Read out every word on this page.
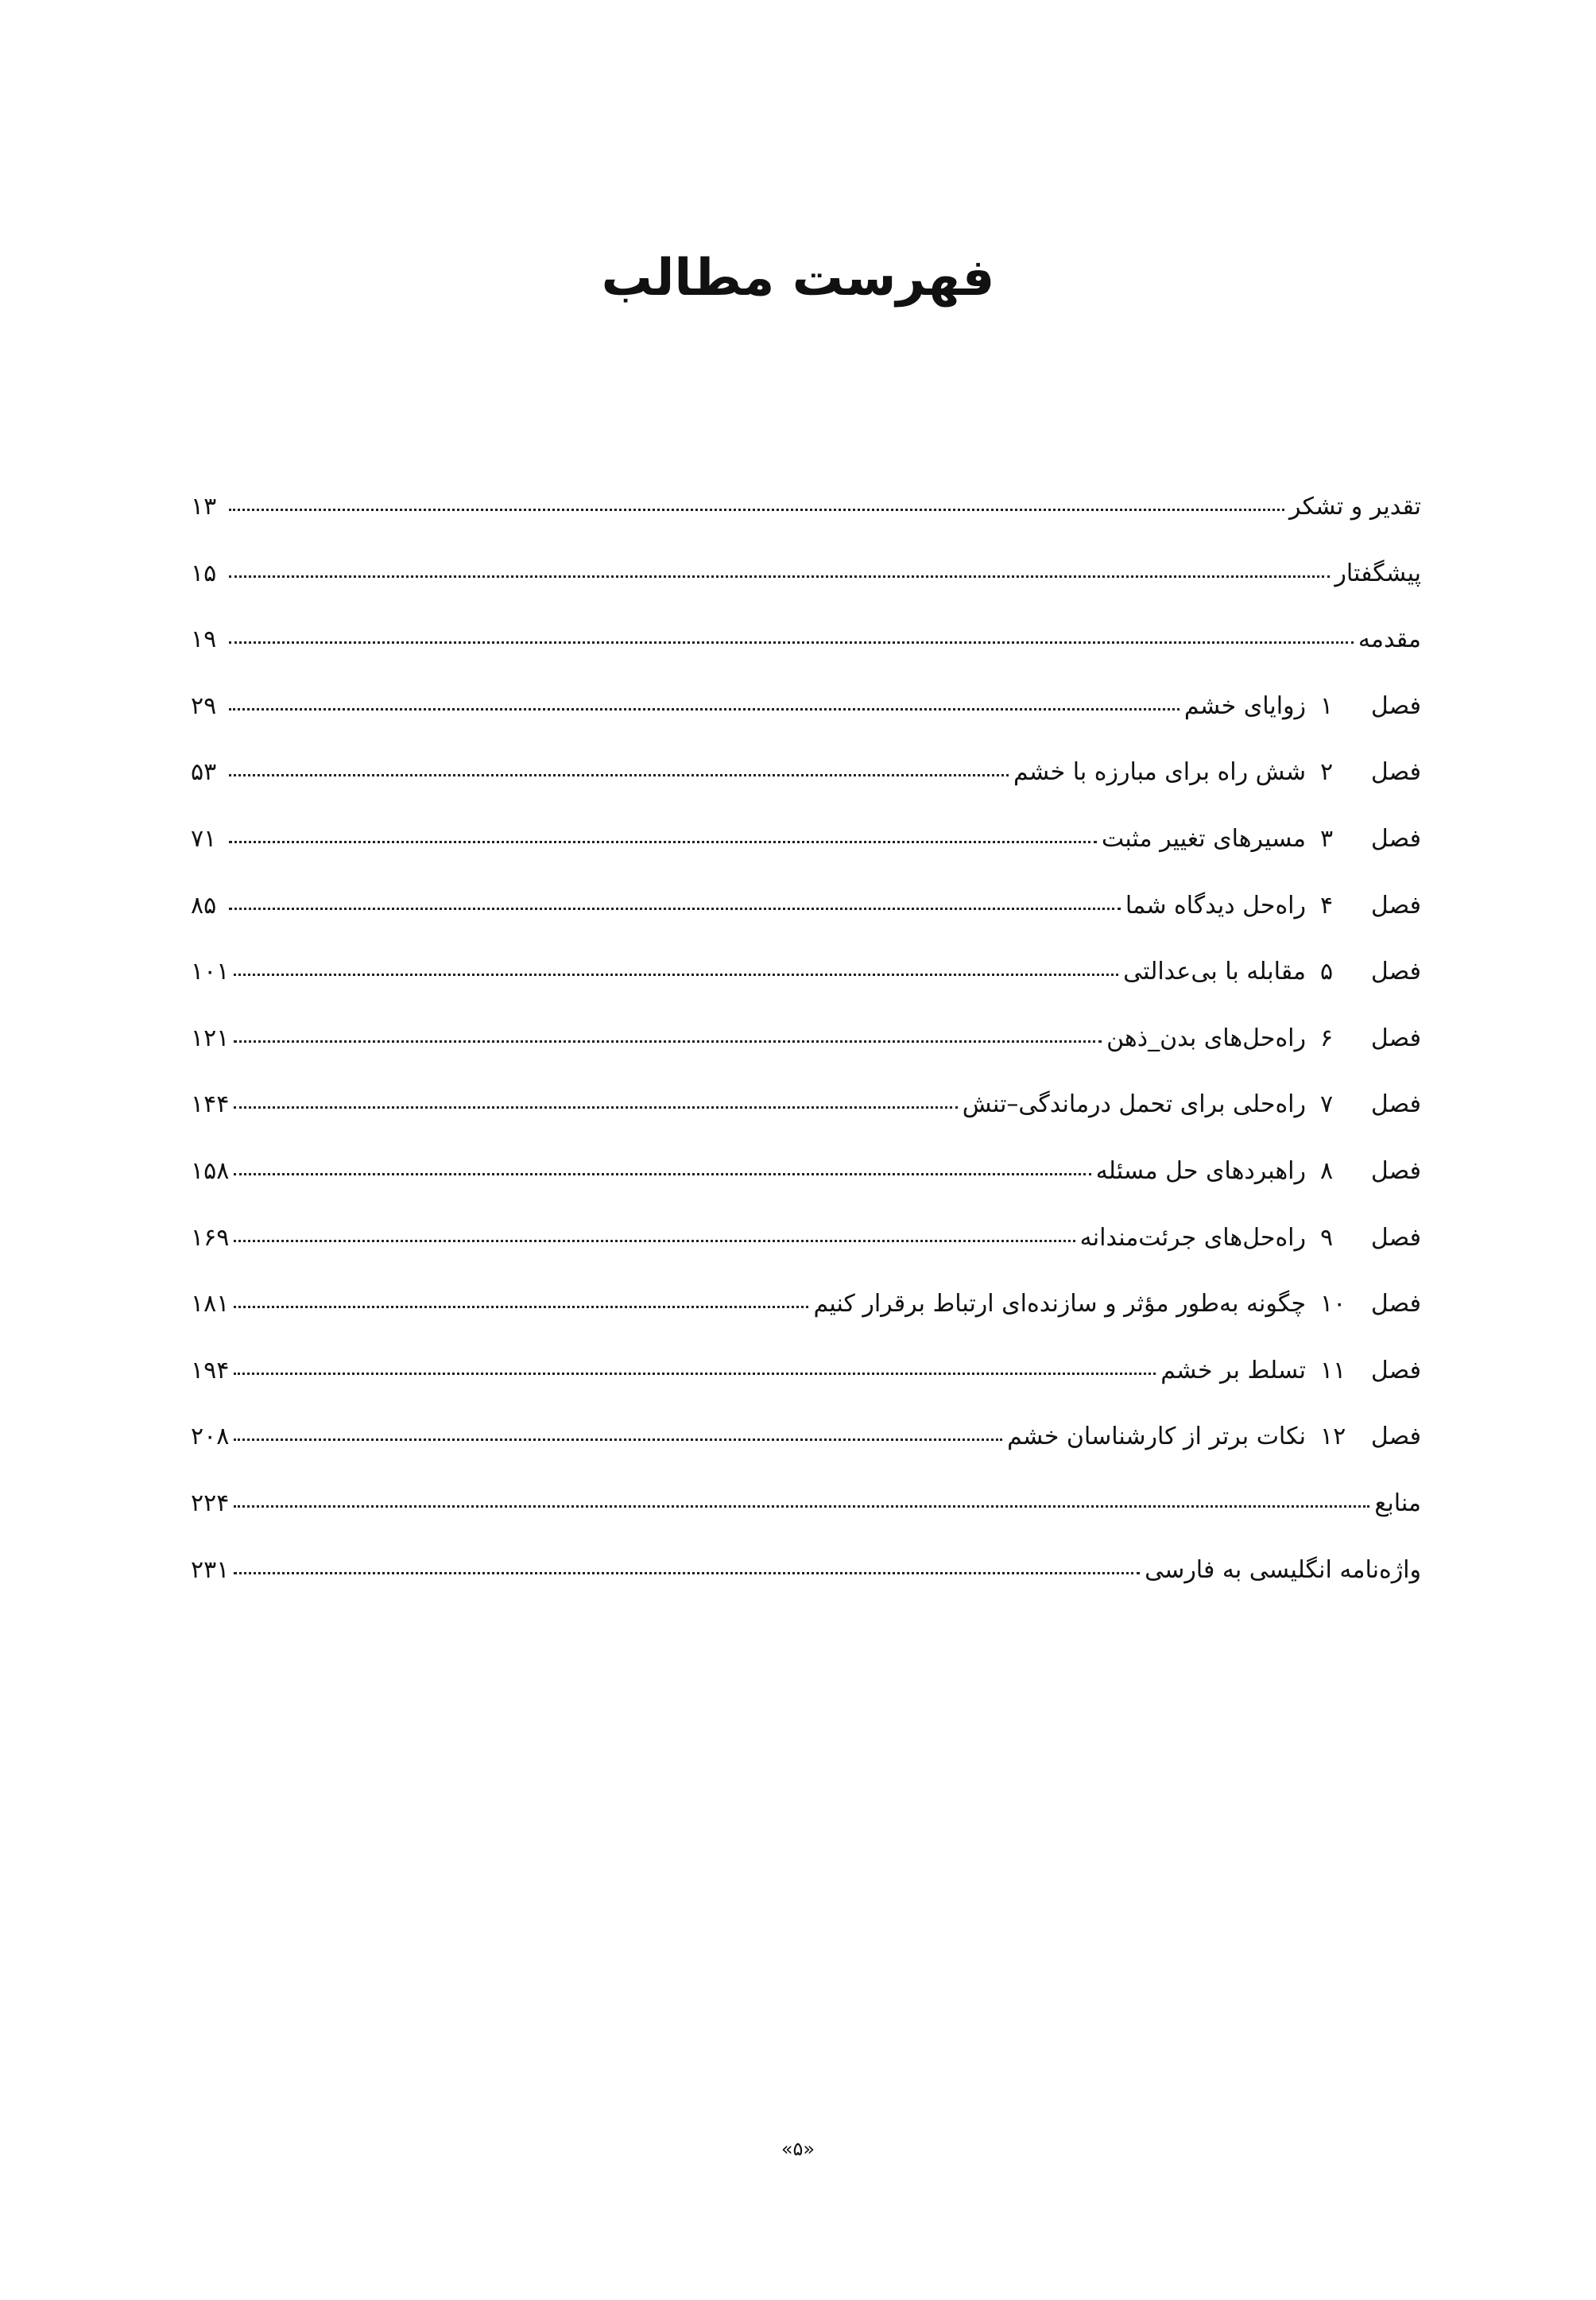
فهرست مطالب
تقدیر و تشکر
۱۳
پیشگفتار
۱۵
مقدمه
۱۹
فصل
۱
زوایای خشم
۲۹
فصل
۲
شش راه برای مبارزه با خشم
۵۳
فصل
۳
مسیرهای تغییر مثبت
۷۱
فصل
۴
راه‌حل دیدگاه شما
۸۵
فصل
۵
مقابله با بی‌عدالتی
۱۰۱
فصل
۶
راه‌حل‌های بدن_ذهن
۱۲۱
فصل
۷
راه‌حلی برای تحمل درماندگی–تنش
۱۴۴
فصل
۸
راهبردهای حل مسئله
۱۵۸
فصل
۹
راه‌حل‌های جرئت‌مندانه
۱۶۹
فصل
۱۰
چگونه به‌طور مؤثر و سازنده‌ای ارتباط برقرار کنیم
۱۸۱
فصل
۱۱
تسلط بر خشم
۱۹۴
فصل
۱۲
نکات برتر از کارشناسان خشم
۲۰۸
منابع
۲۲۴
واژه‌نامه انگلیسی به فارسی
۲۳۱
«۵»
